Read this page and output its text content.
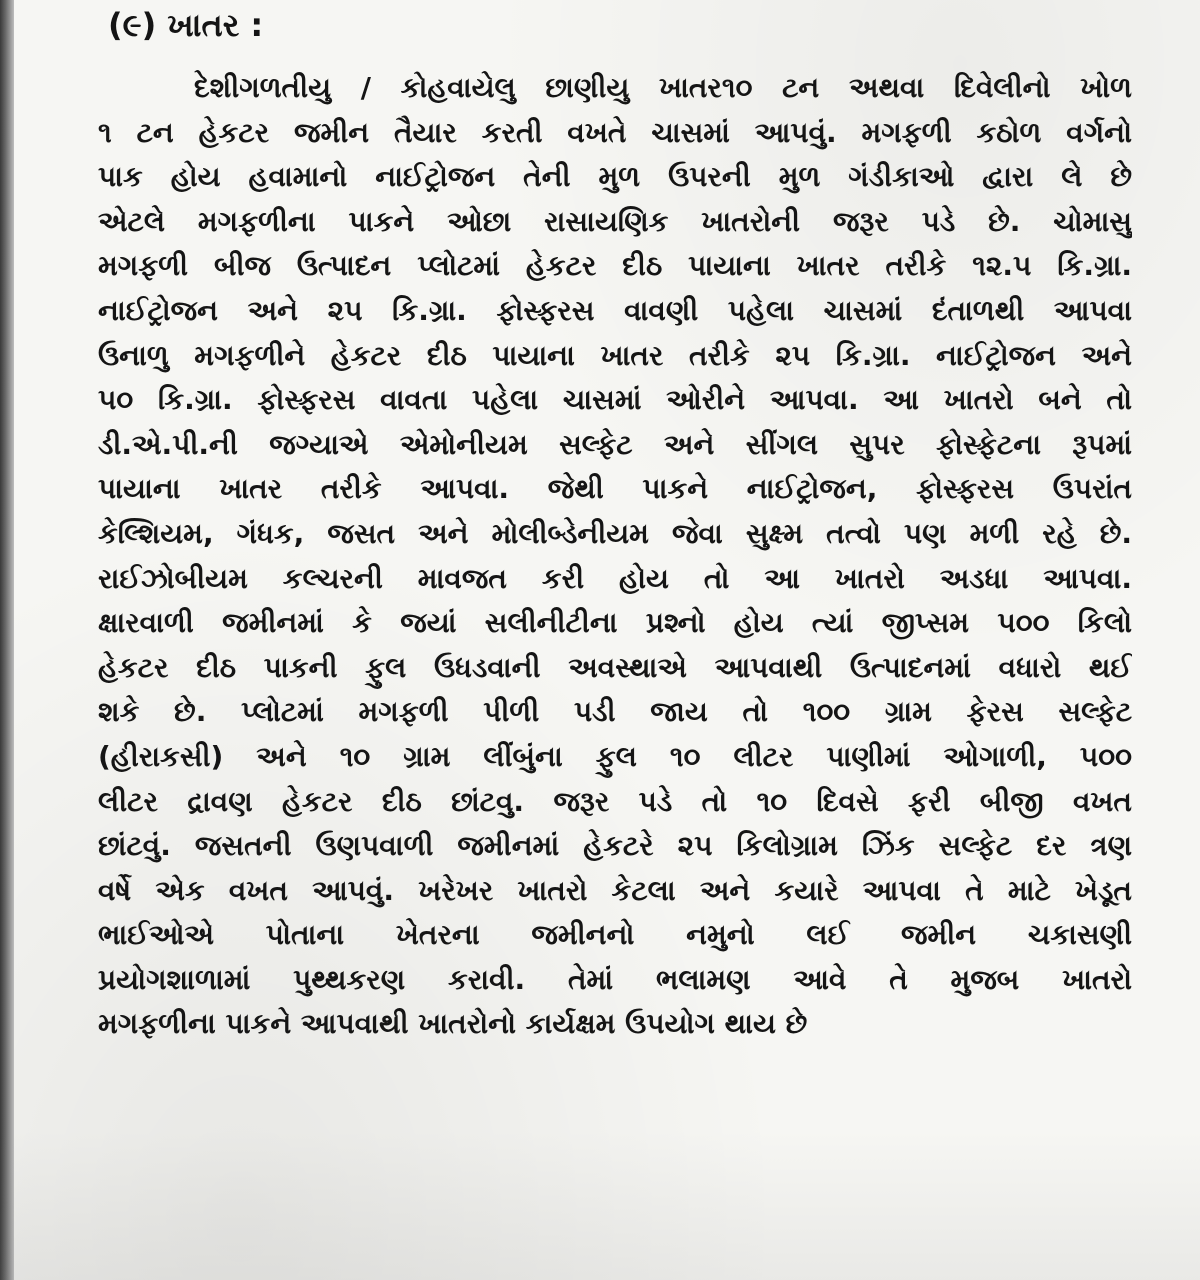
(૯) ખાતર :
દેશીગળતીયુ / કોહવાયેલુ છાણીયુ ખાતર૧૦ ટન અથવા દિવેલીનો ખોળ
૧ ટન હેકટર જમીન તૈયાર કરતી વખતે ચાસમાં આપવું. મગફળી કઠોળ વર્ગનો
પાક હોય હવામાનો નાઈટ્રોજન તેની મુળ ઉપરની મુળ ગંડીકાઓ દ્વારા લે છે
એટલે મગફળીના પાકને ઓછા રાસાયણિક ખાતરોની જરૂર પડે છે. ચોમાસુ
મગફળી બીજ ઉત્પાદન પ્લોટમાં હેકટર દીઠ પાયાના ખાતર તરીકે ૧૨.૫ કિ.ગ્રા.
નાઈટ્રોજન અને ૨૫ કિ.ગ્રા. ફોસ્ફરસ વાવણી પહેલા ચાસમાં દંતાળથી આપવા
ઉનાળુ મગફળીને હેકટર દીઠ પાયાના ખાતર તરીકે ૨૫ કિ.ગ્રા. નાઈટ્રોજન અને
૫૦ કિ.ગ્રા. ફોસ્ફરસ વાવતા પહેલા ચાસમાં ઓરીને આપવા. આ ખાતરો બને તો
ડી.એ.પી.ની જગ્યાએ એમોનીયમ સલ્ફેટ અને સીંગલ સુપર ફોસ્ફેટના રૂપમાં
પાયાના ખાતર તરીકે આપવા. જેથી પાકને નાઈટ્રોજન, ફોસ્ફરસ ઉપરાંત
કેલ્શિયમ, ગંધક, જસત અને મોલીબ્ડેનીયમ જેવા સુક્ષ્મ તત્વો પણ મળી રહે છે.
રાઈઝોબીયમ કલ્ચરની માવજત કરી હોય તો આ ખાતરો અડધા આપવા.
ક્ષારવાળી જમીનમાં કે જયાં સલીનીટીના પ્રશ્નો હોય ત્યાં જીપ્સમ ૫૦૦ કિલો
હેકટર દીઠ પાકની ફુલ ઉધડવાની અવસ્થાએ આપવાથી ઉત્પાદનમાં વધારો થઈ
શકે છે. પ્લોટમાં મગફળી પીળી પડી જાય તો ૧૦૦ ગ્રામ ફેરસ સલ્ફેટ
(હીરાકસી) અને ૧૦ ગ્રામ લીંબુંના ફુલ ૧૦ લીટર પાણીમાં ઓગાળી, ૫૦૦
લીટર દ્રાવણ હેકટર દીઠ છાંટવુ. જરૂર પડે તો ૧૦ દિવસે ફરી બીજી વખત
છાંટવું. જસતની ઉણપવાળી જમીનમાં હેકટરે ૨૫ કિલોગ્રામ ઝિંક સલ્ફેટ દર ત્રણ
વર્ષે એક વખત આપવું. ખરેખર ખાતરો કેટલા અને કયારે આપવા તે માટે ખેડૂત
ભાઈઓએ પોતાના ખેતરના જમીનનો નમુનો લઈ જમીન ચકાસણી
પ્રયોગશાળામાં પુથ્થકરણ કરાવી. તેમાં ભલામણ આવે તે મુજબ ખાતરો
મગફળીના પાકને આપવાથી ખાતરોનો કાર્યક્ષમ ઉપયોગ થાય છે
